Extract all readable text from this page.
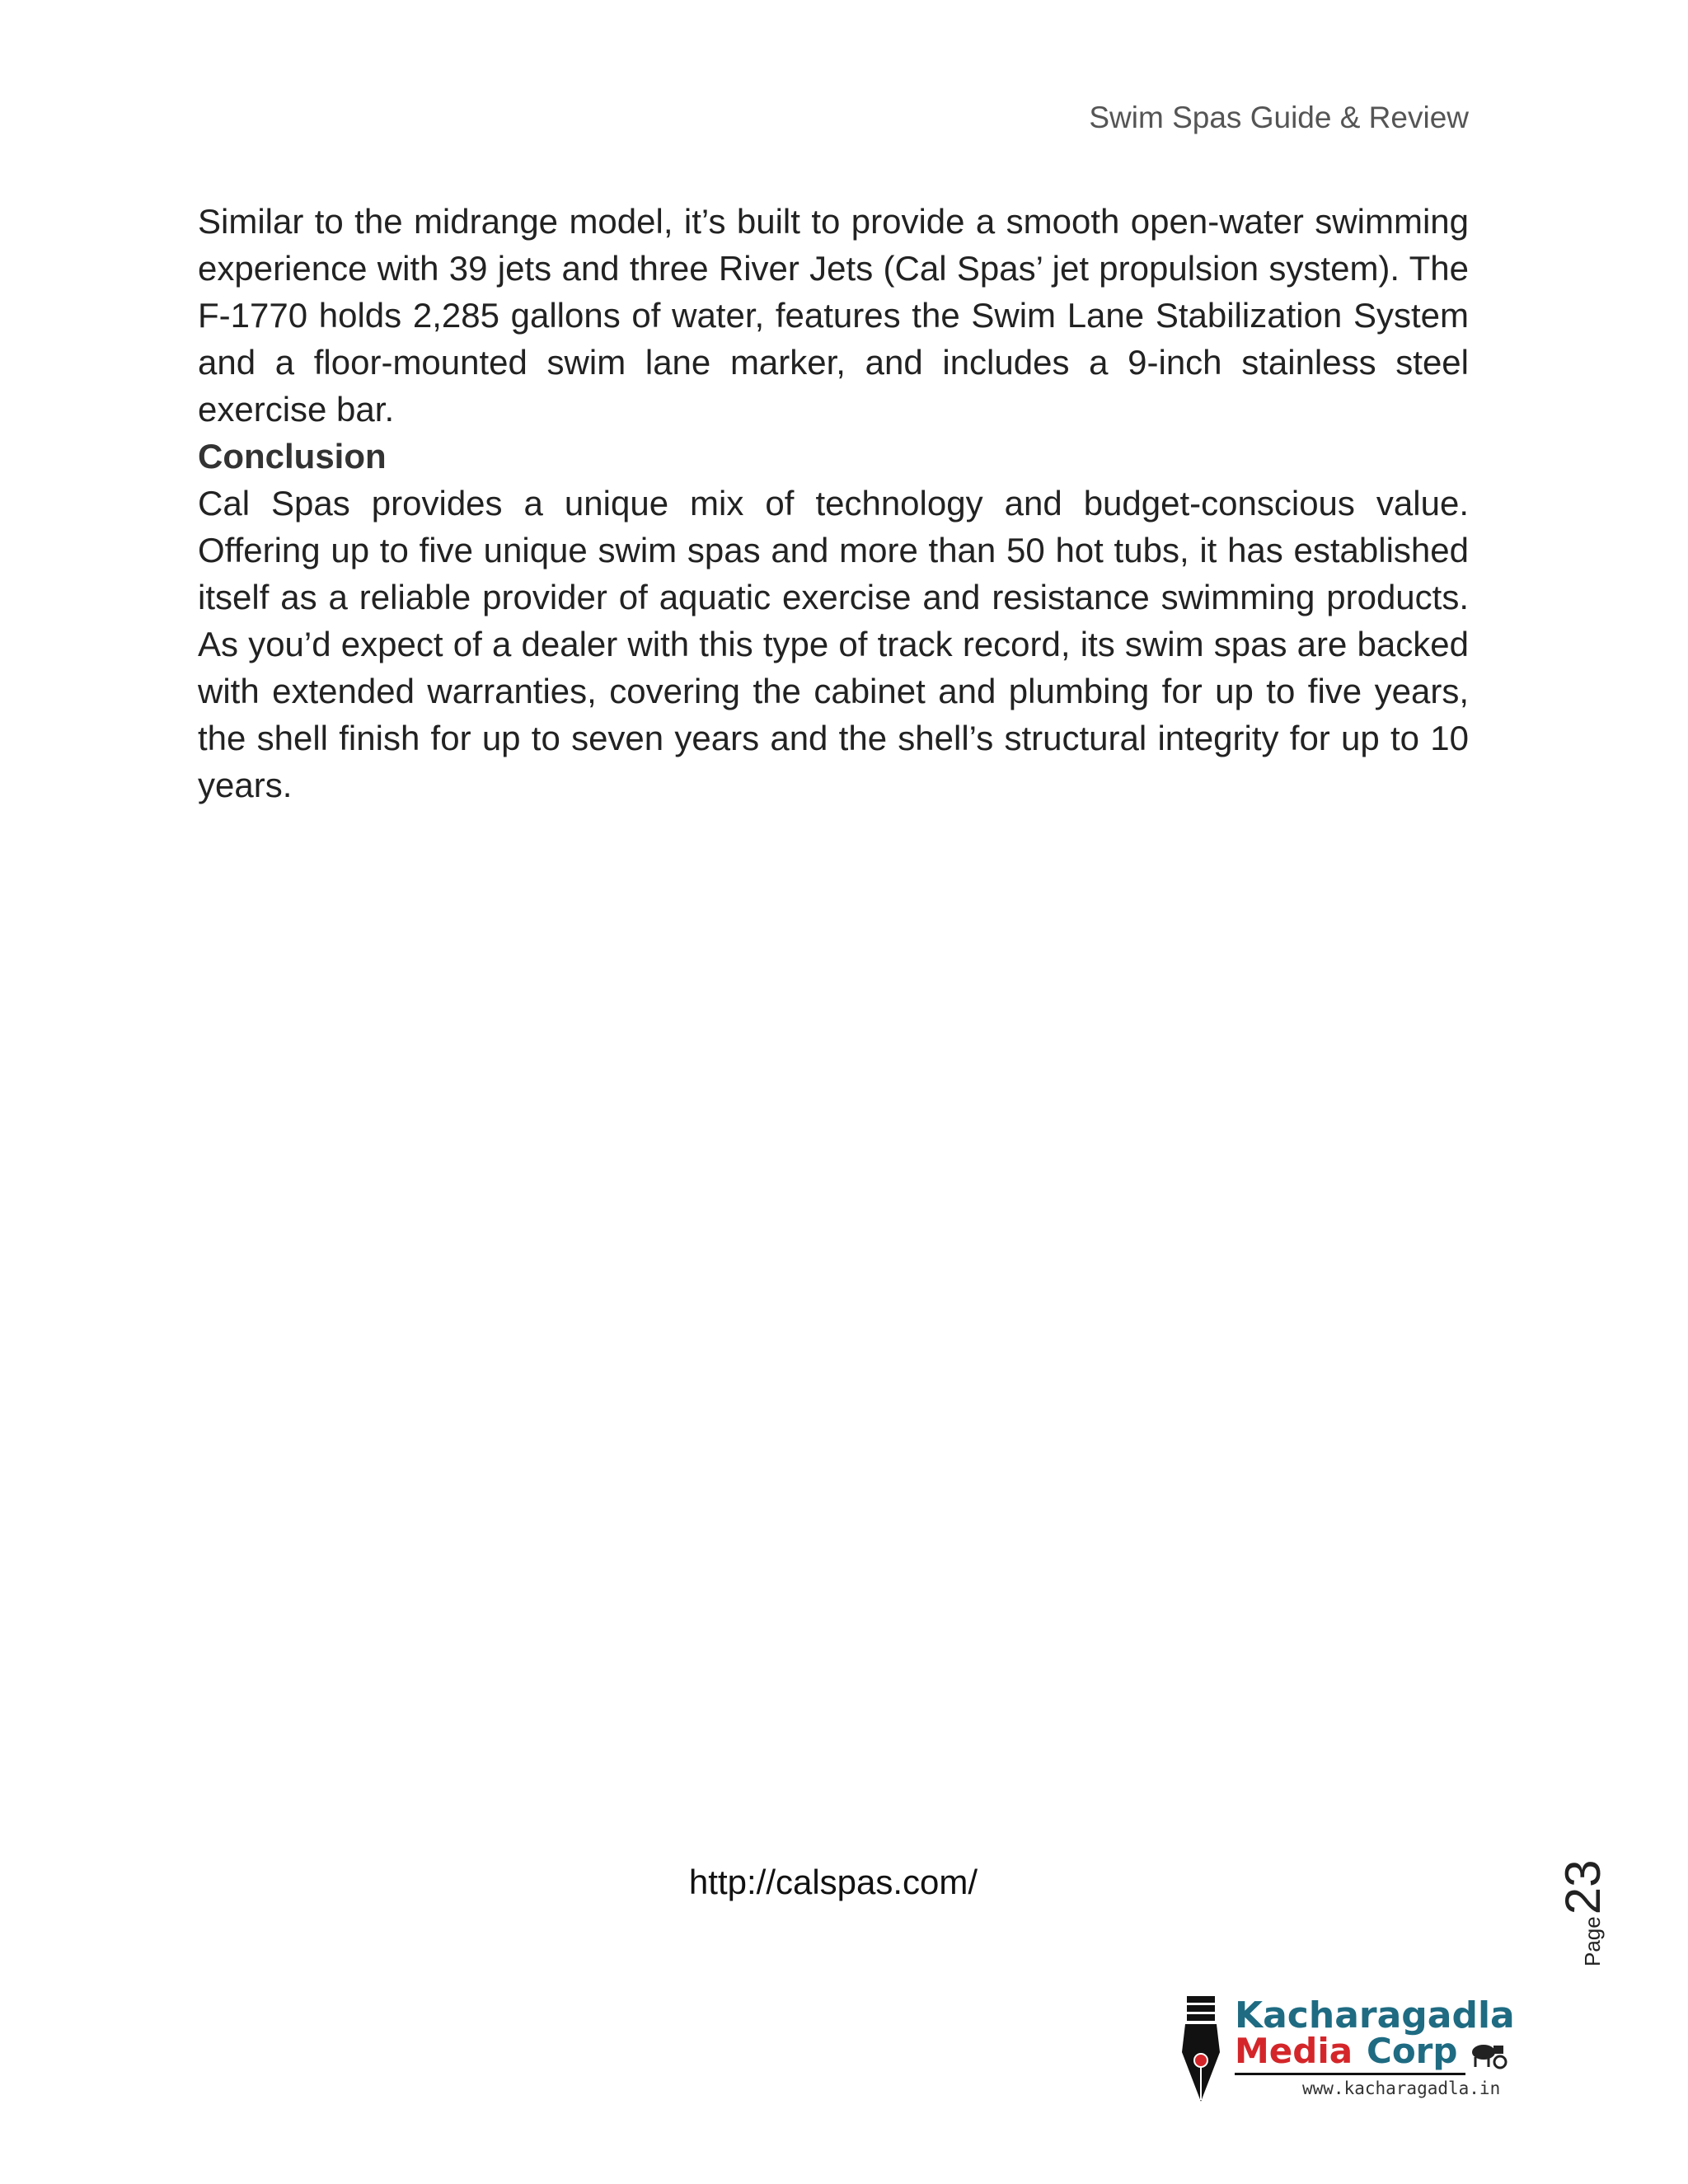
Swim Spas Guide & Review

Similar to the midrange model, it’s built to provide a smooth open-water swimming experience with 39 jets and three River Jets (Cal Spas’ jet propulsion system). The F-1770 holds 2,285 gallons of water, features the Swim Lane Stabilization System and a floor-mounted swim lane marker, and includes a 9-inch stainless steel exercise bar.

Conclusion

Cal Spas provides a unique mix of technology and budget-conscious value. Offering up to five unique swim spas and more than 50 hot tubs, it has established itself as a reliable provider of aquatic exercise and resistance swimming products. As you’d expect of a dealer with this type of track record, its swim spas are backed with extended warranties, covering the cabinet and plumbing for up to five years, the shell finish for up to seven years and the shell’s structural integrity for up to 10 years.

http://calspas.com/
Page23
Kacharagadla
Media Corp
www.kacharagadla.in
